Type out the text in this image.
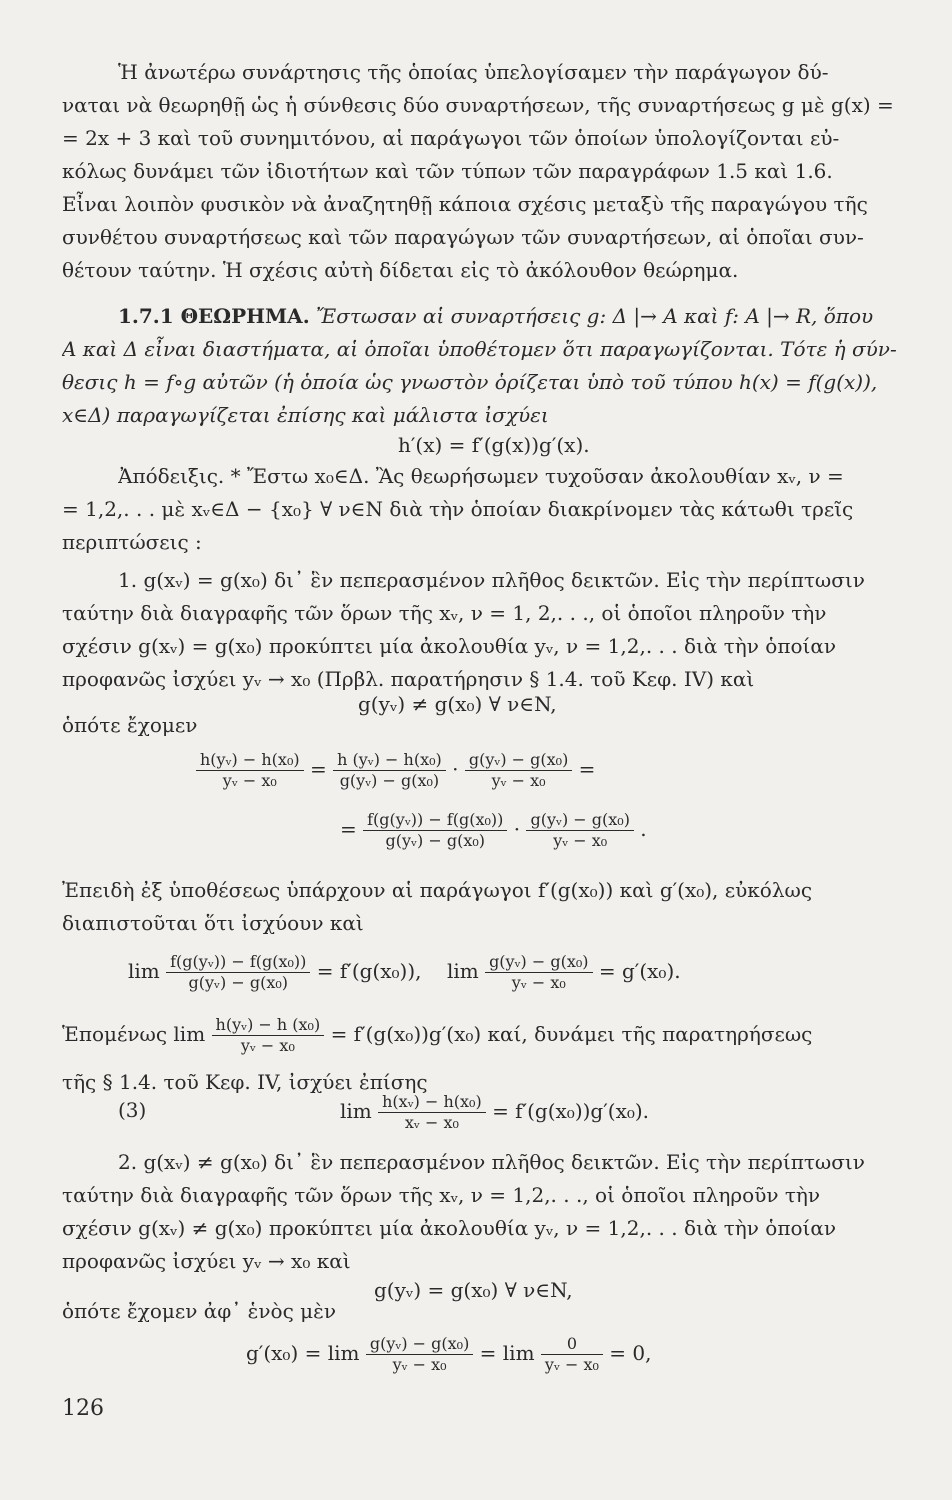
Ἡ ἀνωτέρω συνάρτησις τῆς ὁποίας ὑπελογίσαμεν τὴν παράγωγον δύ-
ναται νὰ θεωρηθῇ ὡς ἡ σύνθεσις δύο συναρτήσεων, τῆς συναρτήσεως g μὲ g(x) =
= 2x + 3 καὶ τοῦ συνημιτόνου, αἱ παράγωγοι τῶν ὁποίων ὑπολογίζονται εὐ-
κόλως δυνάμει τῶν ἰδιοτήτων καὶ τῶν τύπων τῶν παραγράφων 1.5 καὶ 1.6.
Εἶναι λοιπὸν φυσικὸν νὰ ἀναζητηθῇ κάποια σχέσις μεταξὺ τῆς παραγώγου τῆς
συνθέτου συναρτήσεως καὶ τῶν παραγώγων τῶν συναρτήσεων, αἱ ὁποῖαι συν-
θέτουν ταύτην. Ἡ σχέσις αὐτὴ δίδεται εἰς τὸ ἀκόλουθον θεώρημα.
1.7.1 ΘΕΩΡΗΜΑ. Ἔστωσαν αἱ συναρτήσεις g: Δ |→ A καὶ f: A |→ R, ὅπου
A καὶ Δ εἶναι διαστήματα, αἱ ὁποῖαι ὑποθέτομεν ὅτι παραγωγίζονται. Τότε ἡ σύν-
θεσις h = f∘g αὐτῶν (ἡ ὁποία ὡς γνωστὸν ὁρίζεται ὑπὸ τοῦ τύπου h(x) = f(g(x)),
x∈Δ) παραγωγίζεται ἐπίσης καὶ μάλιστα ἰσχύει
h′(x) = f′(g(x))g′(x).
Ἀπόδειξις. * Ἔστω x₀∈Δ. Ἂς θεωρήσωμεν τυχοῦσαν ἀκολουθίαν xᵥ, ν =
= 1,2,. . . μὲ xᵥ∈Δ − {x₀} ∀ ν∈N διὰ τὴν ὁποίαν διακρίνομεν τὰς κάτωθι τρεῖς
περιπτώσεις :
1. g(xᵥ) = g(x₀) δι᾽ ἓν πεπερασμένον πλῆθος δεικτῶν. Εἰς τὴν περίπτωσιν
ταύτην διὰ διαγραφῆς τῶν ὅρων τῆς xᵥ, ν = 1, 2,. . ., οἱ ὁποῖοι πληροῦν τὴν
σχέσιν g(xᵥ) = g(x₀) προκύπτει μία ἀκολουθία yᵥ, ν = 1,2,. . . διὰ τὴν ὁποίαν
προφανῶς ἰσχύει yᵥ → x₀ (Πρβλ. παρατήρησιν § 1.4. τοῦ Κεφ. IV) καὶ
g(yᵥ) ≠ g(x₀) ∀ ν∈N,
ὁπότε ἔχομεν
$\frac{\text{h(yᵥ) − h(x₀)}}{\text{yᵥ − x₀}} = \frac{\text{h (yᵥ) − h(x₀)}}{\text{g(yᵥ) − g(x₀)}} \cdot \frac{\text{g(yᵥ) − g(x₀)}}{\text{yᵥ − x₀}}$ =
= $\frac{\text{f(g(yᵥ)) − f(g(x₀))}}{\text{g(yᵥ) − g(x₀)}} \cdot \frac{\text{g(yᵥ) − g(x₀)}}{\text{yᵥ − x₀}}$ .
Ἐπειδὴ ἐξ ὑποθέσεως ὑπάρχουν αἱ παράγωγοι f′(g(x₀)) καὶ g′(x₀), εὐκόλως
διαπιστοῦται ὅτι ἰσχύουν καὶ
$\lim \frac{\text{f(g(yᵥ)) − f(g(x₀))}}{\text{g(yᵥ) − g(x₀)}} = f'(g(x_0))$, $\lim \frac{\text{g(yᵥ) − g(x₀)}}{\text{yᵥ − x₀}} = g'(x_0)$.
Ἑπομένως $\lim \frac{\text{h(yᵥ) − h (x₀)}}{\text{yᵥ − x₀}} = f'(g(x_0))g'(x_0)$ καί, δυνάμει τῆς παρατηρήσεως
τῆς § 1.4. τοῦ Κεφ. IV, ἰσχύει ἐπίσης
(3)	$\lim \frac{\text{h(xᵥ) − h(x₀)}}{\text{xᵥ − x₀}} = f'(g(x_0))g'(x_0)$.
2. g(xᵥ) ≠ g(x₀) δι᾽ ἓν πεπερασμένον πλῆθος δεικτῶν. Εἰς τὴν περίπτωσιν
ταύτην διὰ διαγραφῆς τῶν ὅρων τῆς xᵥ, ν = 1,2,. . ., οἱ ὁποῖοι πληροῦν τὴν
σχέσιν g(xᵥ) ≠ g(x₀) προκύπτει μία ἀκολουθία yᵥ, ν = 1,2,. . . διὰ τὴν ὁποίαν
προφανῶς ἰσχύει yᵥ → x₀ καὶ
g(yᵥ) = g(x₀) ∀ ν∈N,
ὁπότε ἔχομεν ἀφ᾽ ἑνὸς μὲν
$g'(x_0) = \lim \frac{\text{g(yᵥ) − g(x₀)}}{\text{yᵥ − x₀}} = \lim \frac{0}{\text{yᵥ − x₀}} = 0$,
126
